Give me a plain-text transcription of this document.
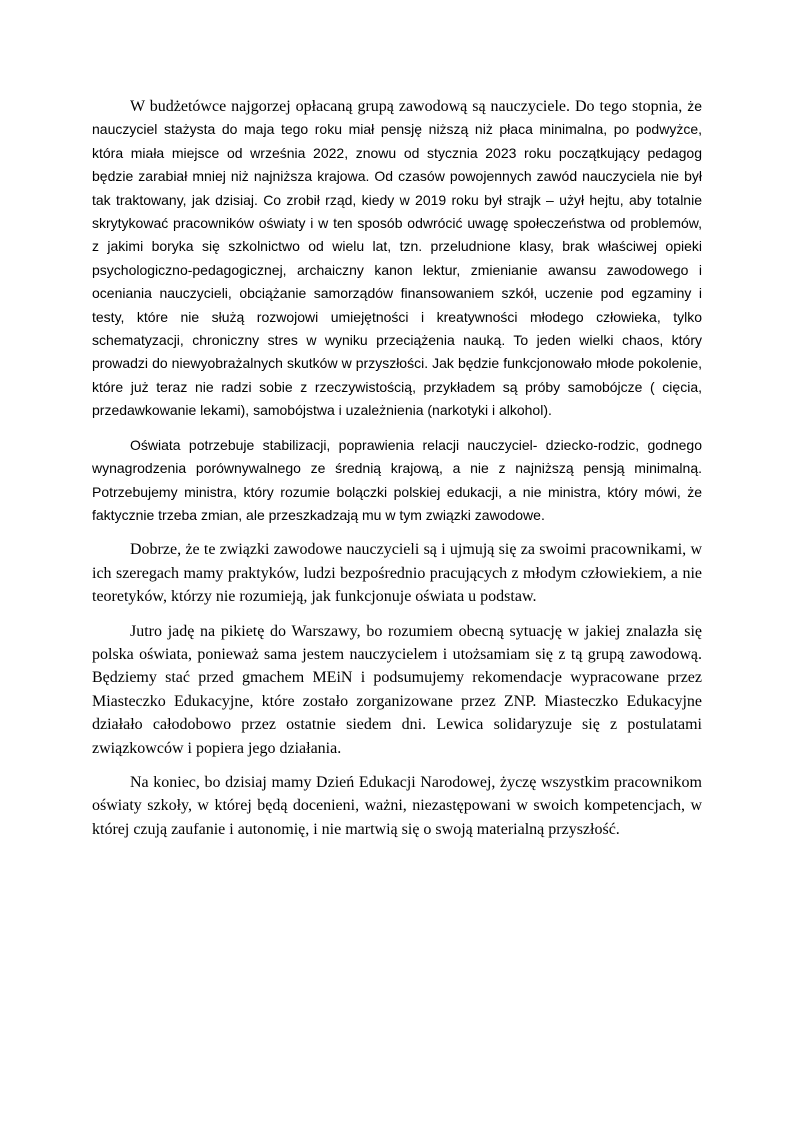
W budżetówce najgorzej opłacaną grupą zawodową są nauczyciele. Do tego stopnia, że nauczyciel stażysta do maja tego roku miał pensję niższą niż płaca minimalna, po podwyżce, która miała miejsce od września 2022, znowu od stycznia 2023 roku początkujący pedagog będzie zarabiał mniej niż najniższa krajowa. Od czasów powojennych zawód nauczyciela nie był tak traktowany, jak dzisiaj. Co zrobił rząd, kiedy w 2019 roku był strajk – użył hejtu, aby totalnie skrytykować pracowników oświaty i w ten sposób odwrócić uwagę społeczeństwa od problemów, z jakimi boryka się szkolnictwo od wielu lat, tzn. przeludnione klasy, brak właściwej opieki psychologiczno-pedagogicznej, archaiczny kanon lektur, zmienianie awansu zawodowego i oceniania nauczycieli, obciążanie samorządów finansowaniem szkół, uczenie pod egzaminy i testy, które nie służą rozwojowi umiejętności i kreatywności młodego człowieka, tylko schematyzacji, chroniczny stres w wyniku przeciążenia nauką. To jeden wielki chaos, który prowadzi do niewyobrażalnych skutków w przyszłości. Jak będzie funkcjonowało młode pokolenie, które już teraz nie radzi sobie z rzeczywistością, przykładem są próby samobójcze ( cięcia, przedawkowanie lekami), samobójstwa i uzależnienia (narkotyki i alkohol).

Oświata potrzebuje stabilizacji, poprawienia relacji nauczyciel- dziecko-rodzic, godnego wynagrodzenia porównywalnego ze średnią krajową, a nie z najniższą pensją minimalną. Potrzebujemy ministra, który rozumie bolączki polskiej edukacji, a nie ministra, który mówi, że faktycznie trzeba zmian, ale przeszkadzają mu w tym związki zawodowe.

Dobrze, że te związki zawodowe nauczycieli są i ujmują się za swoimi pracownikami, w ich szeregach mamy praktyków, ludzi bezpośrednio pracujących z młodym człowiekiem, a nie teoretyków, którzy nie rozumieją, jak funkcjonuje oświata u podstaw.

Jutro jadę na pikietę do Warszawy, bo rozumiem obecną sytuację w jakiej znalazła się polska oświata, ponieważ sama jestem nauczycielem i utożsamiam się z tą grupą zawodową. Będziemy stać przed gmachem MEiN i podsumujemy rekomendacje wypracowane przez Miasteczko Edukacyjne, które zostało zorganizowane przez ZNP. Miasteczko Edukacyjne działało całodobowo przez ostatnie siedem dni. Lewica solidaryzuje się z postulatami związkowców i popiera jego działania.

Na koniec, bo dzisiaj mamy Dzień Edukacji Narodowej, życzę wszystkim pracownikom oświaty szkoły, w której będą docenieni, ważni, niezastępowani w swoich kompetencjach, w której czują zaufanie i autonomię, i nie martwią się o swoją materialną przyszłość.
